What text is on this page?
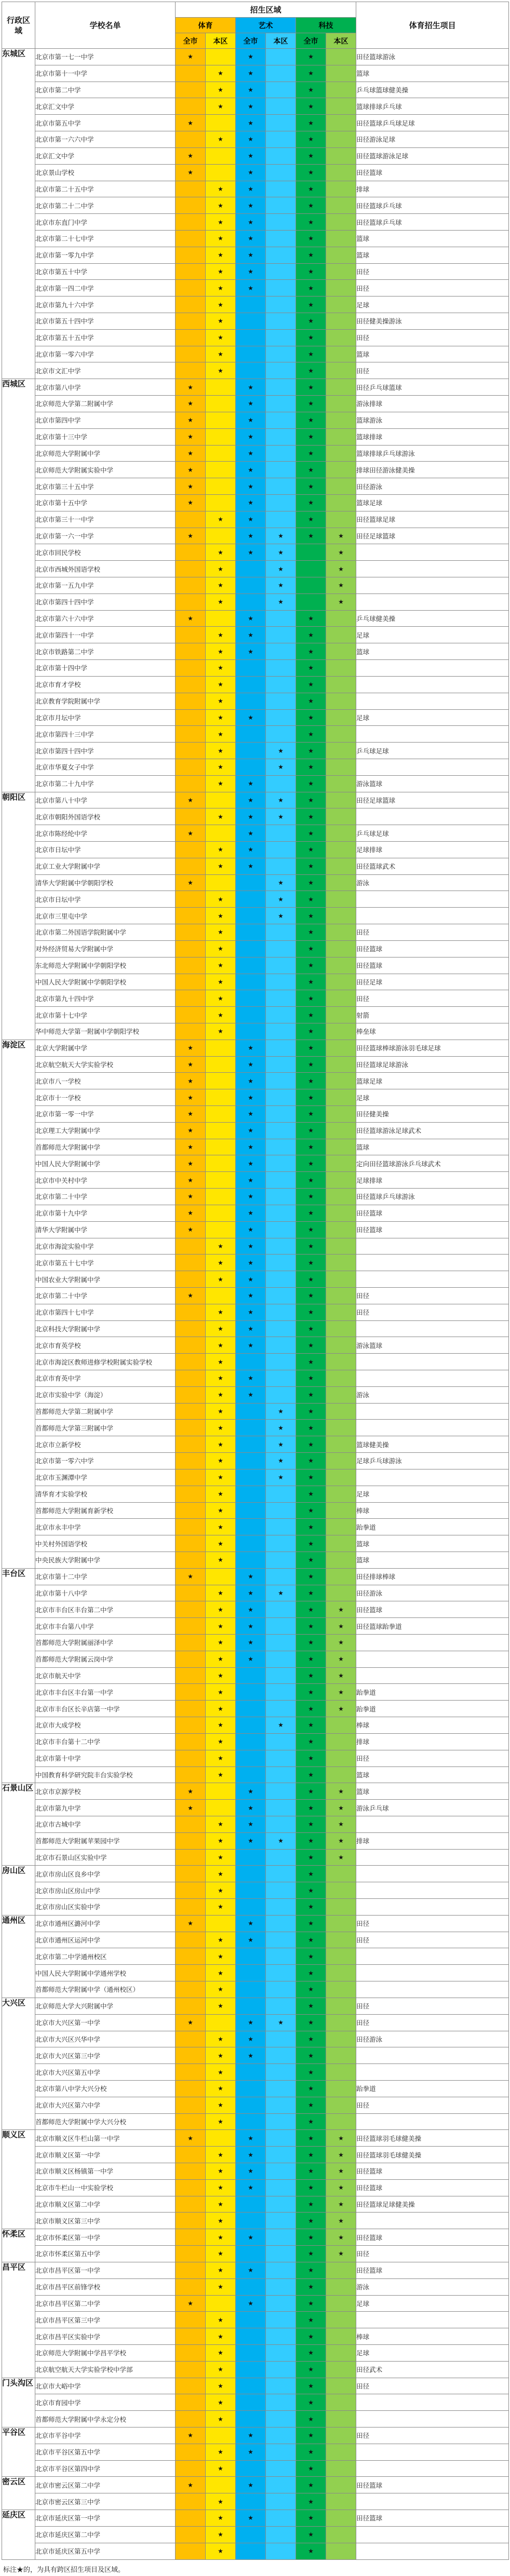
行政区域	学校名单	招生区域						体育招生项目
		体育		艺术		科技		
		全市	本区	全市	本区	全市	本区	
东城区	北京市第一七一中学	★		★		★		田径篮球游泳
	北京市第十一中学		★	★		★		篮球
	北京市第二中学		★	★		★		乒乓球篮球健美操
	北京汇文中学		★	★		★		篮球排球乒乓球
	北京市第五中学	★		★		★		田径篮球乒乓球足球
	北京市第一六六中学		★	★		★		田径游泳足球
	北京汇文中学	★		★		★		田径篮球游泳足球
	北京景山学校	★		★		★		田径篮球
	北京市第二十五中学		★	★		★		排球
	北京市第二十二中学		★	★		★		田径篮球乒乓球
	北京市东直门中学		★	★		★		田径篮球乒乓球
	北京市第二十七中学		★	★		★		篮球
	北京市第一零九中学		★	★		★		篮球
	北京市第五十中学		★	★		★		田径
	北京市第一四二中学		★	★		★		田径
	北京市第九十六中学		★			★		足球
	北京市第五十四中学		★			★		田径健美操游泳
	北京市第五十五中学		★			★		田径
	北京市第一零六中学		★			★		篮球
	北京市文汇中学		★			★		田径
西城区	北京市第八中学	★		★		★		田径乒乓球篮球
	北京师范大学第二附属中学	★		★		★		游泳排球
	北京市第四中学	★		★		★		篮球游泳
	北京市第十三中学	★		★		★		篮球排球
	北京师范大学附属中学	★		★		★		篮球排球乒乓球游泳
	北京师范大学附属实验中学	★		★		★		排球田径游泳健美操
	北京市第三十五中学	★		★		★		田径游泳
	北京市第十五中学	★		★		★		篮球足球
	北京市第三十一中学		★	★		★		田径篮球足球
	北京市第一六一中学	★		★	★	★	★	田径足球篮球
	北京市回民学校		★	★	★		★	
	北京市西城外国语学校		★		★		★	
	北京市第一五九中学		★		★		★	
	北京市第四十四中学		★		★		★	
	北京市第六十六中学	★		★		★		乒乓球健美操
	北京市第四十一中学		★	★		★		足球
	北京市铁路第二中学		★	★		★		篮球
	北京市第十四中学		★			★		
	北京市育才学校		★			★		
	北京教育学院附属中学		★			★		
	北京市月坛中学		★	★		★		足球
	北京市第四十三中学		★			★		
	北京市第四十四中学		★		★	★		乒乓球足球
	北京市华夏女子中学		★		★	★		
	北京市第二十九中学		★	★		★		游泳篮球
朝阳区	北京市第八十中学	★		★	★	★		田径足球篮球
	北京市朝阳外国语学校		★	★	★	★		
	北京市陈经纶中学	★		★		★		乒乓球足球
	北京市日坛中学		★	★		★		足球排球
	北京工业大学附属中学		★	★		★		田径篮球武术
	清华大学附属中学朝阳学校	★			★	★		游泳
	北京市日坛中学		★		★	★		
	北京市三里屯中学		★		★	★		
	北京市第二外国语学院附属中学		★			★		田径
	对外经济贸易大学附属中学		★			★		田径篮球
	东北师范大学附属中学朝阳学校		★			★		田径篮球
	中国人民大学附属中学朝阳学校		★			★		田径足球
	北京市第九十四中学		★			★		田径
	北京市第十七中学		★			★		射箭
	华中师范大学第一附属中学朝阳学校		★			★		棒垒球
海淀区	北京大学附属中学	★		★		★		田径篮球棒球游泳羽毛球足球
	北京航空航天大学实验学校	★		★		★		田径篮球足球游泳
	北京市八一学校	★		★		★		篮球足球
	北京市十一学校	★		★		★		足球
	北京市第一零一中学	★		★		★		田径健美操
	北京理工大学附属中学	★		★		★		田径篮球游泳足球武术
	首都师范大学附属中学	★		★		★		篮球
	中国人民大学附属中学	★		★		★		定向田径篮球游泳乒乓球武术
	北京市中关村中学	★		★		★		足球排球
	北京市第二十中学	★		★		★		田径篮球乒乓球游泳
	北京市第十九中学	★		★		★		田径篮球
	清华大学附属中学	★		★		★		田径篮球
	北京市海淀实验中学		★	★		★		
	北京市第五十七中学		★	★		★		
	中国农业大学附属中学		★	★		★		
	北京市第二十中学	★		★		★		田径
	北京市第四十七中学		★	★		★		田径
	北京科技大学附属中学		★	★		★		
	北京市育英学校		★	★		★		游泳篮球
	北京市海淀区教师进修学校附属实验学校		★			★		
	北京市育英中学		★	★		★		
	北京市实验中学（海淀）		★	★		★		游泳
	首都师范大学第二附属中学		★		★	★		
	首都师范大学第三附属中学		★		★	★		
	北京市立新学校		★		★	★		篮球健美操
	北京市第一零六中学		★		★	★		足球乒乓球游泳
	北京市玉渊潭中学		★		★	★		
	清华育才实验学校		★			★		足球
	首都师范大学附属育新学校		★			★		棒球
	北京市永丰中学		★			★		跆拳道
	中关村外国语学校		★			★		篮球
	中央民族大学附属中学		★			★		篮球
丰台区	北京市第十二中学	★		★		★		田径排球棒球
	北京市第十八中学		★	★	★	★		田径游泳
	北京市丰台区丰台第二中学		★	★		★	★	田径篮球
	北京市丰台第八中学		★	★		★	★	田径篮球跆拳道
	首都师范大学附属丽泽中学		★	★		★	★	
	首都师范大学附属云岗中学		★	★		★	★	
	北京市航天中学		★			★	★	
	北京市丰台区丰台第一中学		★			★	★	跆拳道
	北京市丰台区长辛店第一中学		★			★	★	跆拳道
	北京市大成学校		★		★	★		棒球
	北京市丰台第十二中学		★			★		排球
	北京市第十中学		★			★		田径
	中国教育科学研究院丰台实验学校		★			★		篮球
石景山区	北京市京源学校	★		★		★	★	篮球
	北京市第九中学	★		★		★	★	游泳乒乓球
	北京市古城中学		★	★		★	★	
	首都师范大学附属苹果园中学		★	★	★	★	★	排球
	北京市石景山区实验中学		★			★	★	
房山区	北京市房山区良乡中学		★			★		
	北京市房山区房山中学		★			★		
	北京市房山区实验中学		★			★		
通州区	北京市通州区潞河中学	★		★		★		田径
	北京市通州区运河中学		★	★		★		田径
	北京市第二中学通州校区		★			★		
	中国人民大学附属中学通州学校		★			★		
	首都师范大学附属中学（通州校区）		★			★		
大兴区	北京师范大学大兴附属中学		★			★		田径
	北京市大兴区第一中学	★		★	★	★		田径
	北京市大兴区兴华中学		★	★		★		田径游泳
	北京市大兴区第三中学		★	★		★		
	北京市大兴区第五中学		★			★		
	北京市第八中学大兴分校		★			★		跆拳道
	北京市大兴区第六中学		★			★		田径
	首都师范大学附属中学大兴分校		★			★		
顺义区	北京市顺义区牛栏山第一中学	★		★		★	★	田径篮球羽毛球健美操
	北京市顺义区第一中学		★	★		★	★	田径篮球羽毛球健美操
	北京市顺义区杨镇第一中学		★	★		★	★	田径篮球
	北京市牛栏山一中实验学校		★	★		★	★	田径篮球
	北京市顺义区第二中学		★			★	★	田径篮球足球健美操
	北京市顺义区第三中学		★			★	★	
怀柔区	北京市怀柔区第一中学		★	★		★	★	田径篮球
	北京市怀柔区第五中学		★			★	★	田径
昌平区	北京市昌平区第一中学		★	★		★		田径篮球
	北京市昌平区前锋学校		★			★		游泳
	北京市昌平区第二中学	★		★		★		足球
	北京市昌平区第三中学		★			★		
	北京市昌平区实验中学		★			★		棒球
	北京师范大学附属中学昌平学校		★			★		足球
	北京航空航天大学实验学校中学部		★			★		田径武术
门头沟区	北京市大峪中学		★			★		田径
	北京市育园中学		★			★		
	首都师范大学附属中学永定分校		★			★		
平谷区	北京市平谷中学	★		★		★		田径
	北京市平谷区第五中学		★	★		★		
	北京市平谷区第四中学		★			★		
密云区	北京市密云区第二中学	★		★		★		田径篮球
	北京市密云区第三中学		★			★		
延庆区	北京市延庆区第一中学		★	★		★		田径篮球
	北京市延庆区第二中学		★			★		
	北京市延庆区第五中学		★			★		
标注★的，为具有跨区招生项目及区域。
